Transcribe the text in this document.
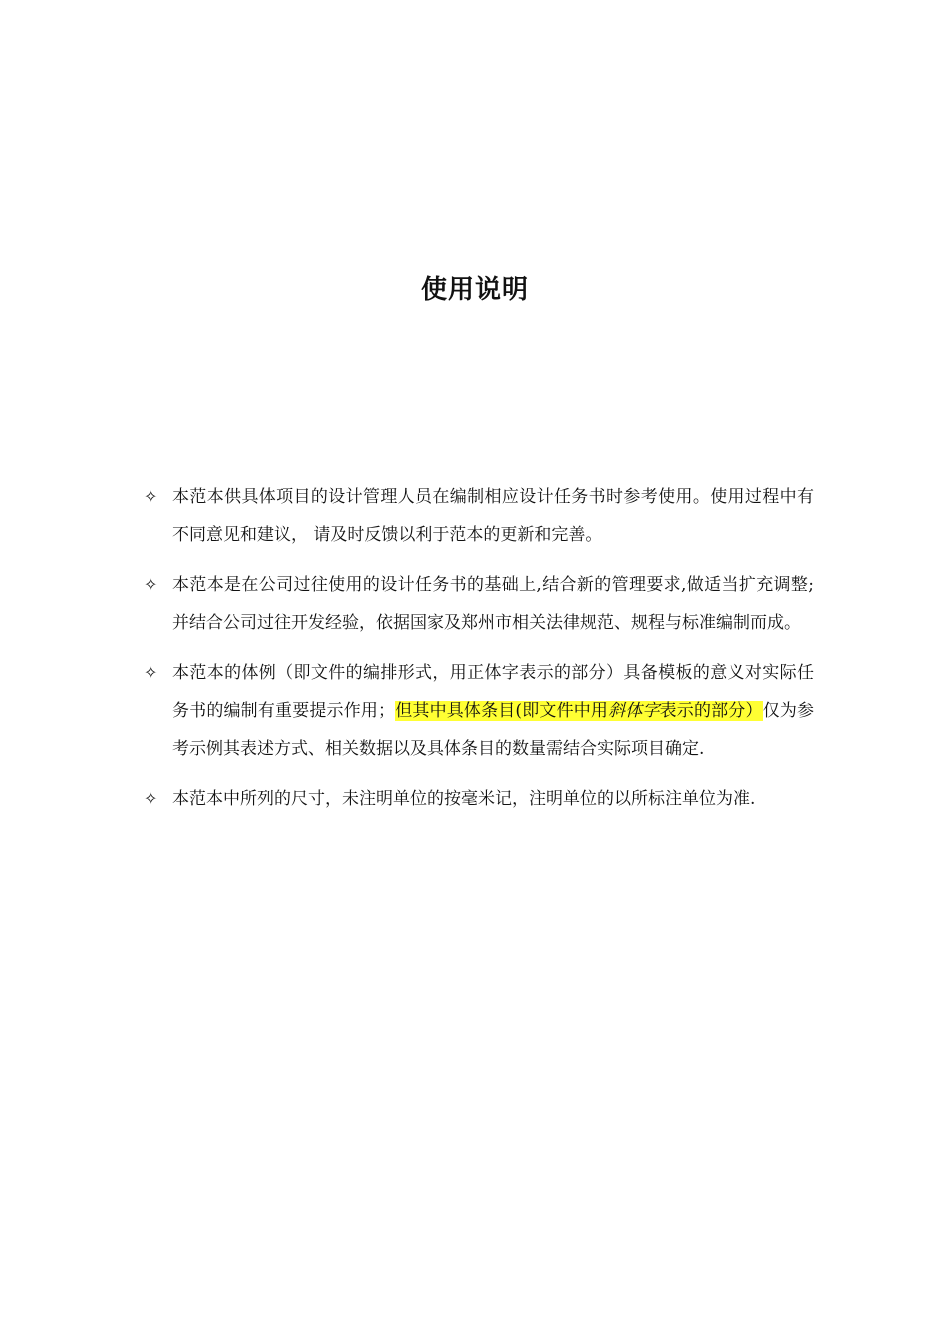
使用说明
✧ 本范本供具体项目的设计管理人员在编制相应设计任务书时参考使用。使用过程中有不同意见和建议， 请及时反馈以利于范本的更新和完善。
✧ 本范本是在公司过往使用的设计任务书的基础上,结合新的管理要求,做适当扩充调整;并结合公司过往开发经验，依据国家及郑州市相关法律规范、规程与标准编制而成。
✧ 本范本的体例（即文件的编排形式，用正体字表示的部分）具备模板的意义对实际任务书的编制有重要提示作用；但其中具体条目(即文件中用斜体字表示的部分）仅为参考示例其表述方式、相关数据以及具体条目的数量需结合实际项目确定.
✧ 本范本中所列的尺寸，未注明单位的按毫米记，注明单位的以所标注单位为准.
